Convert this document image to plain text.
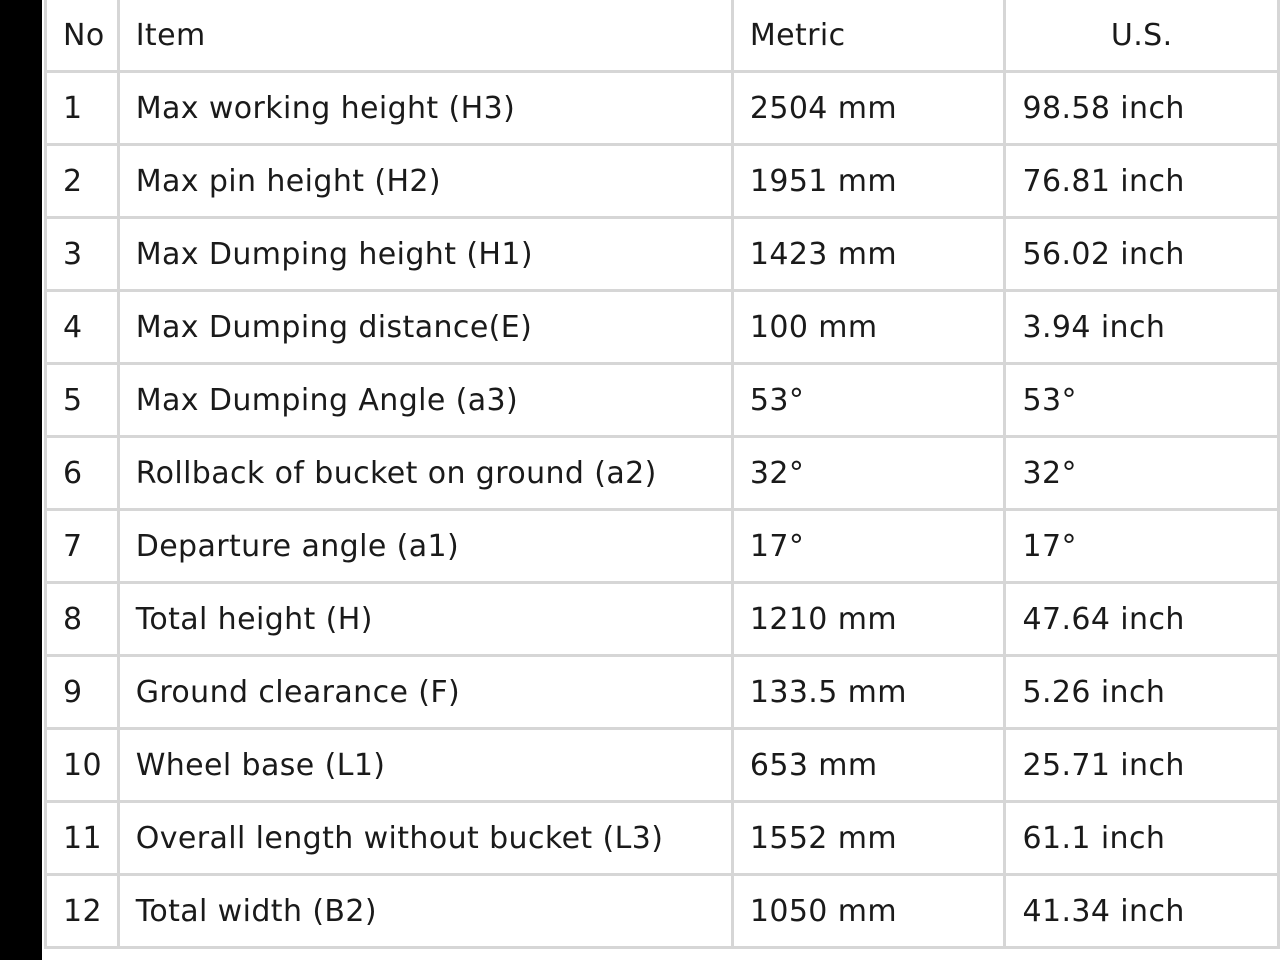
No	Item	Metric	U.S.
1	Max working height (H3)	2504 mm	98.58 inch
2	Max pin height (H2)	1951 mm	76.81 inch
3	Max Dumping height (H1)	1423 mm	56.02 inch
4	Max Dumping distance(E)	100 mm	3.94 inch
5	Max Dumping Angle (a3)	53°	53°
6	Rollback of bucket on ground (a2)	32°	32°
7	Departure angle (a1)	17°	17°
8	Total height (H)	1210 mm	47.64 inch
9	Ground clearance (F)	133.5 mm	5.26 inch
10	Wheel base (L1)	653 mm	25.71 inch
11	Overall length without bucket (L3)	1552 mm	61.1 inch
12	Total width (B2)	1050 mm	41.34 inch
